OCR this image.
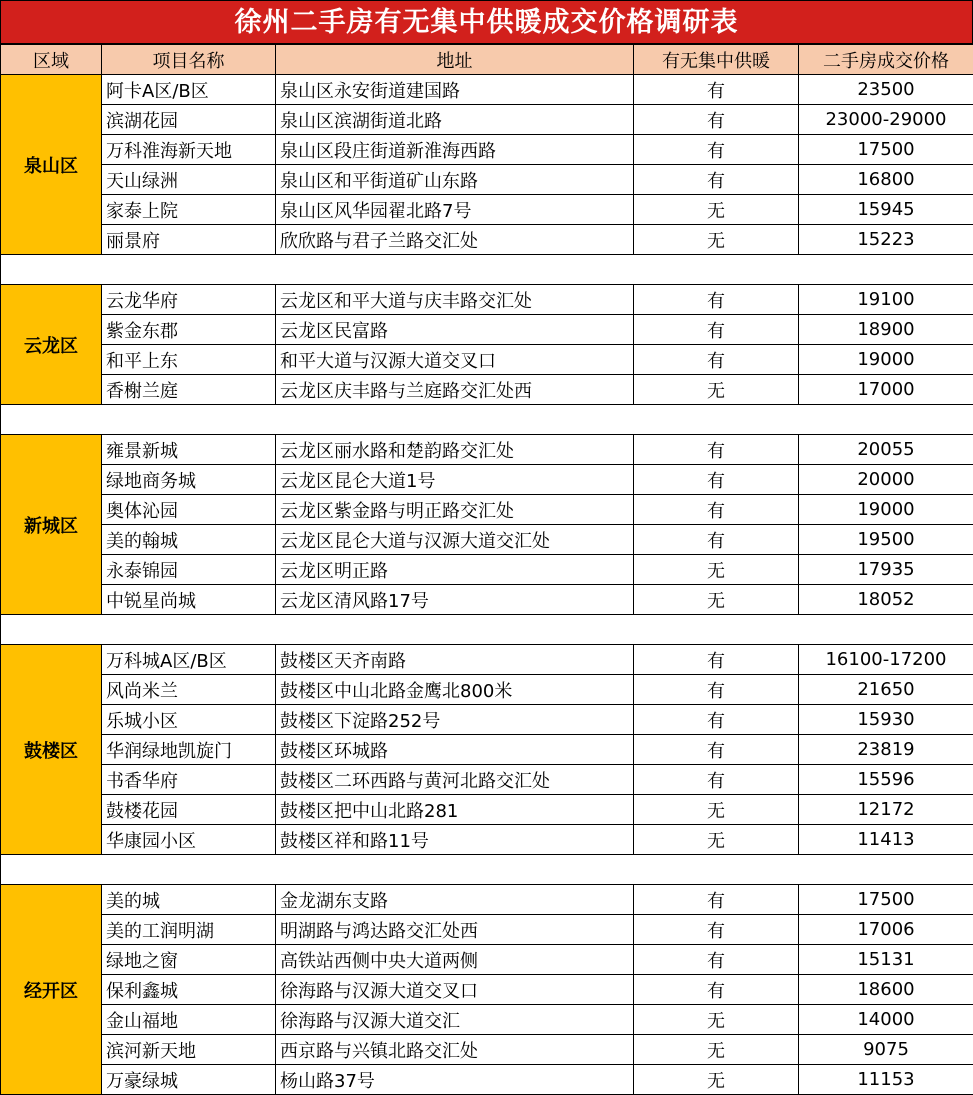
徐州二手房有无集中供暖成交价格调研表
区域	项目名称	地址	有无集中供暖	二手房成交价格
泉山区	阿卡A区/B区	泉山区永安街道建国路	有	23500
	滨湖花园	泉山区滨湖街道北路	有	23000-29000
	万科淮海新天地	泉山区段庄街道新淮海西路	有	17500
	天山绿洲	泉山区和平街道矿山东路	有	16800
	家泰上院	泉山区风华园翟北路7号	无	15945
	丽景府	欣欣路与君子兰路交汇处	无	15223

云龙区	云龙华府	云龙区和平大道与庆丰路交汇处	有	19100
	紫金东郡	云龙区民富路	有	18900
	和平上东	和平大道与汉源大道交叉口	有	19000
	香榭兰庭	云龙区庆丰路与兰庭路交汇处西	无	17000

新城区	雍景新城	云龙区丽水路和楚韵路交汇处	有	20055
	绿地商务城	云龙区昆仑大道1号	有	20000
	奥体沁园	云龙区紫金路与明正路交汇处	有	19000
	美的翰城	云龙区昆仑大道与汉源大道交汇处	有	19500
	永泰锦园	云龙区明正路	无	17935
	中锐星尚城	云龙区清风路17号	无	18052

鼓楼区	万科城A区/B区	鼓楼区天齐南路	有	16100-17200
	风尚米兰	鼓楼区中山北路金鹰北800米	有	21650
	乐城小区	鼓楼区下淀路252号	有	15930
	华润绿地凯旋门	鼓楼区环城路	有	23819
	书香华府	鼓楼区二环西路与黄河北路交汇处	有	15596
	鼓楼花园	鼓楼区把中山北路281	无	12172
	华康园小区	鼓楼区祥和路11号	无	11413

经开区	美的城	金龙湖东支路	有	17500
	美的工润明湖	明湖路与鸿达路交汇处西	有	17006
	绿地之窗	高铁站西侧中央大道两侧	有	15131
	保利鑫城	徐海路与汉源大道交叉口	有	18600
	金山福地	徐海路与汉源大道交汇	无	14000
	滨河新天地	西京路与兴镇北路交汇处	无	9075
	万豪绿城	杨山路37号	无	11153
